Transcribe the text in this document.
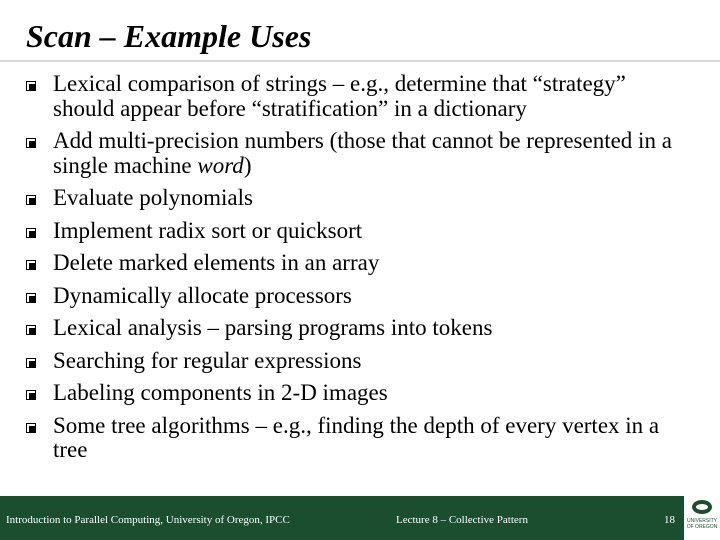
Scan – Example Uses
Lexical comparison of strings – e.g., determine that “strategy” should appear before “stratification” in a dictionary
Add multi-precision numbers (those that cannot be represented in a single machine word)
Evaluate polynomials
Implement radix sort or quicksort
Delete marked elements in an array
Dynamically allocate processors
Lexical analysis – parsing programs into tokens
Searching for regular expressions
Labeling components in 2-D images
Some tree algorithms – e.g., finding the depth of every vertex in a tree
Introduction to Parallel Computing, University of Oregon, IPCC	Lecture 8 – Collective Pattern	18 UNIVERSITY OF OREGON
